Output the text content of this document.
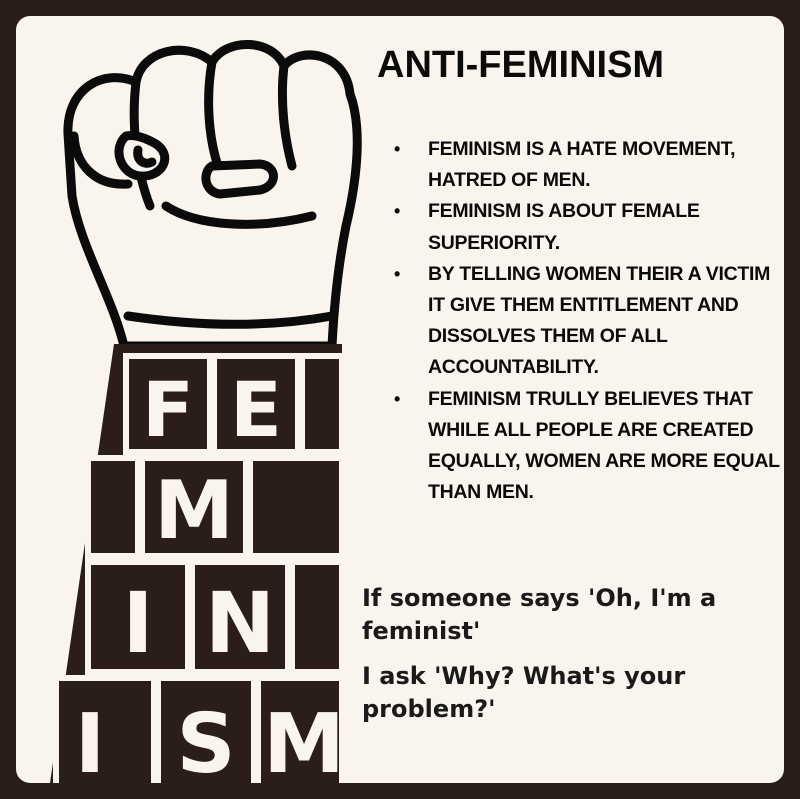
F E
M
I N
I S M
ANTI-FEMINISM
• FEMINISM IS A HATE MOVEMENT, HATRED OF MEN.
• FEMINISM IS ABOUT FEMALE SUPERIORITY.
• BY TELLING WOMEN THEIR A VICTIM IT GIVE THEM ENTITLEMENT AND DISSOLVES THEM OF ALL ACCOUNTABILITY.
• FEMINISM TRULLY BELIEVES THAT WHILE ALL PEOPLE ARE CREATED EQUALLY, WOMEN ARE MORE EQUAL THAN MEN.

If someone says 'Oh, I'm a feminist'

I ask 'Why? What's your problem?'
